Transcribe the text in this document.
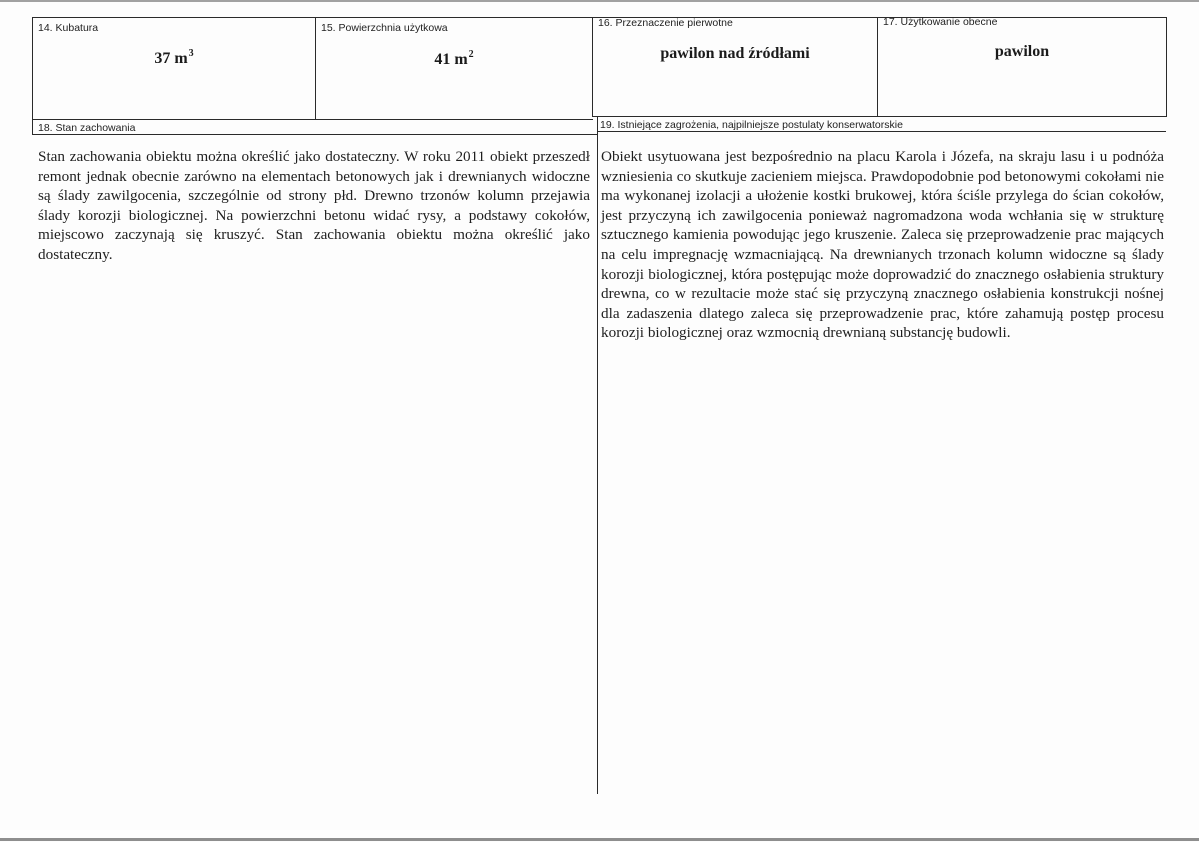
14. Kubatura
37 $m^3$
15. Powierzchnia użytkowa
41 $m^2$
16. Przeznaczenie pierwotne
pawilon nad źródłami
17. Użytkowanie obecne
pawilon
18. Stan zachowania

Stan zachowania obiektu można określić jako dostateczny. W roku 2011 obiekt przeszedł remont jednak obecnie zarówno na elementach betonowych jak i drewnianych widoczne są ślady zawilgocenia, szczególnie od strony płd. Drewno trzonów kolumn przejawia ślady korozji biologicznej. Na powierzchni betonu widać rysy, a podstawy cokołów, miejscowo zaczynają się kruszyć. Stan zachowania obiektu można określić jako dostateczny.

19. Istniejące zagrożenia, najpilniejsze postulaty konserwatorskie

Obiekt usytuowana jest bezpośrednio na placu Karola i Józefa, na skraju lasu i u podnóża wzniesienia co skutkuje zacieniem miejsca. Prawdopodobnie pod betonowymi cokołami nie ma wykonanej izolacji a ułożenie kostki brukowej, która ściśle przylega do ścian cokołów, jest przyczyną ich zawilgocenia ponieważ nagromadzona woda wchłania się w strukturę sztucznego kamienia powodując jego kruszenie. Zaleca się przeprowadzenie prac mających na celu impregnację wzmacniającą. Na drewnianych trzonach kolumn widoczne są ślady korozji biologicznej, która postępując może doprowadzić do znacznego osłabienia struktury drewna, co w rezultacie może stać się przyczyną znacznego osłabienia konstrukcji nośnej dla zadaszenia dlatego zaleca się przeprowadzenie prac, które zahamują postęp procesu korozji biologicznej oraz wzmocnią drewnianą substancję budowli.
